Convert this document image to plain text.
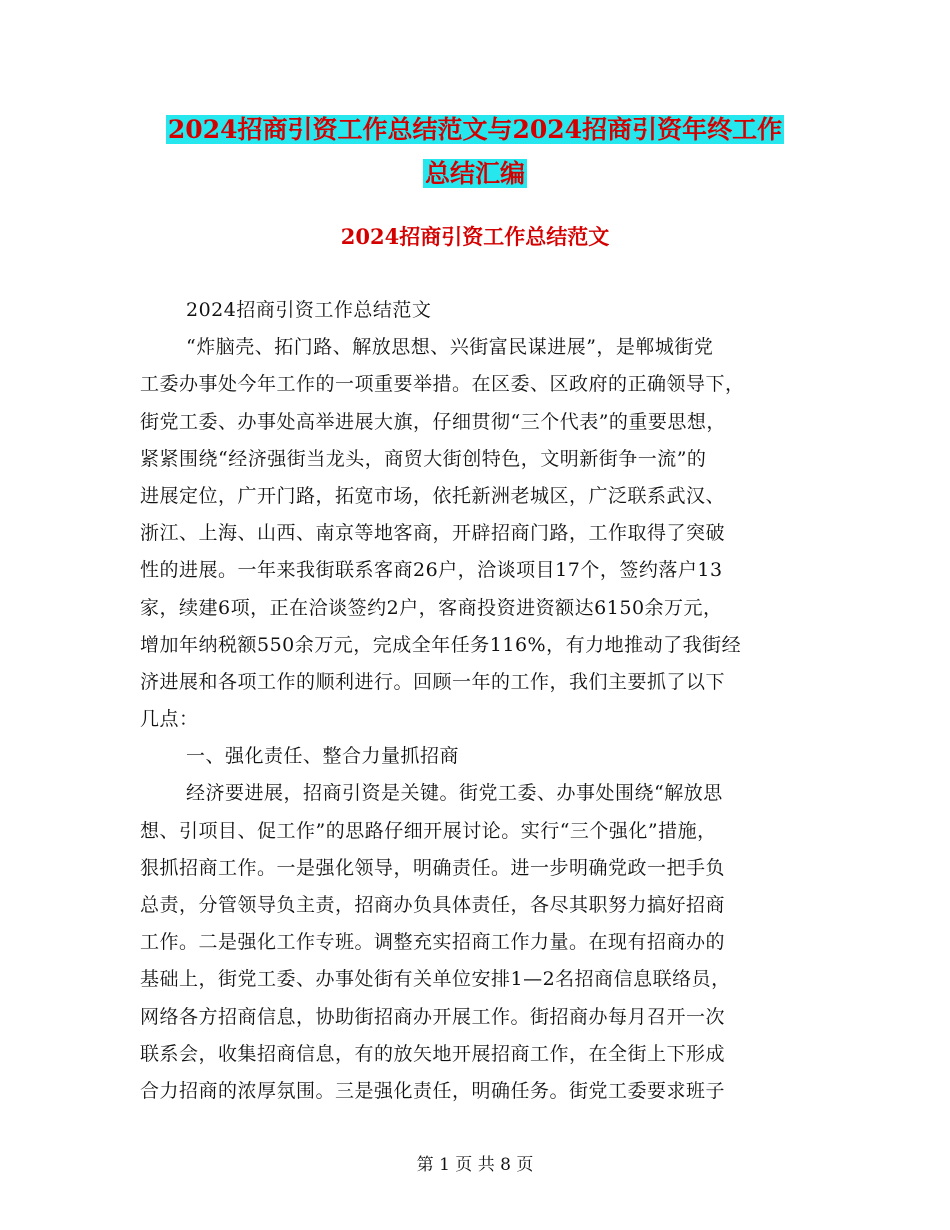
2024招商引资工作总结范文与2024招商引资年终工作
总结汇编
2024招商引资工作总结范文
2024招商引资工作总结范文
“炸脑壳、拓门路、解放思想、兴街富民谋进展”，是郸城街党
工委办事处今年工作的一项重要举措。在区委、区政府的正确领导下，
街党工委、办事处高举进展大旗，仔细贯彻“三个代表”的重要思想，
紧紧围绕“经济强街当龙头，商贸大街创特色，文明新街争一流”的
进展定位，广开门路，拓宽市场，依托新洲老城区，广泛联系武汉、
浙江、上海、山西、南京等地客商，开辟招商门路，工作取得了突破
性的进展。一年来我街联系客商26户，洽谈项目17个，签约落户13
家，续建6项，正在洽谈签约2户，客商投资进资额达6150余万元，
增加年纳税额550余万元，完成全年任务116%，有力地推动了我街经
济进展和各项工作的顺利进行。回顾一年的工作，我们主要抓了以下
几点：
一、强化责任、整合力量抓招商
经济要进展，招商引资是关键。街党工委、办事处围绕“解放思
想、引项目、促工作”的思路仔细开展讨论。实行“三个强化”措施，
狠抓招商工作。一是强化领导，明确责任。进一步明确党政一把手负
总责，分管领导负主责，招商办负具体责任，各尽其职努力搞好招商
工作。二是强化工作专班。调整充实招商工作力量。在现有招商办的
基础上，街党工委、办事处街有关单位安排1—2名招商信息联络员，
网络各方招商信息，协助街招商办开展工作。街招商办每月召开一次
联系会，收集招商信息，有的放矢地开展招商工作，在全街上下形成
合力招商的浓厚氛围。三是强化责任，明确任务。街党工委要求班子
第 1 页 共 8 页
